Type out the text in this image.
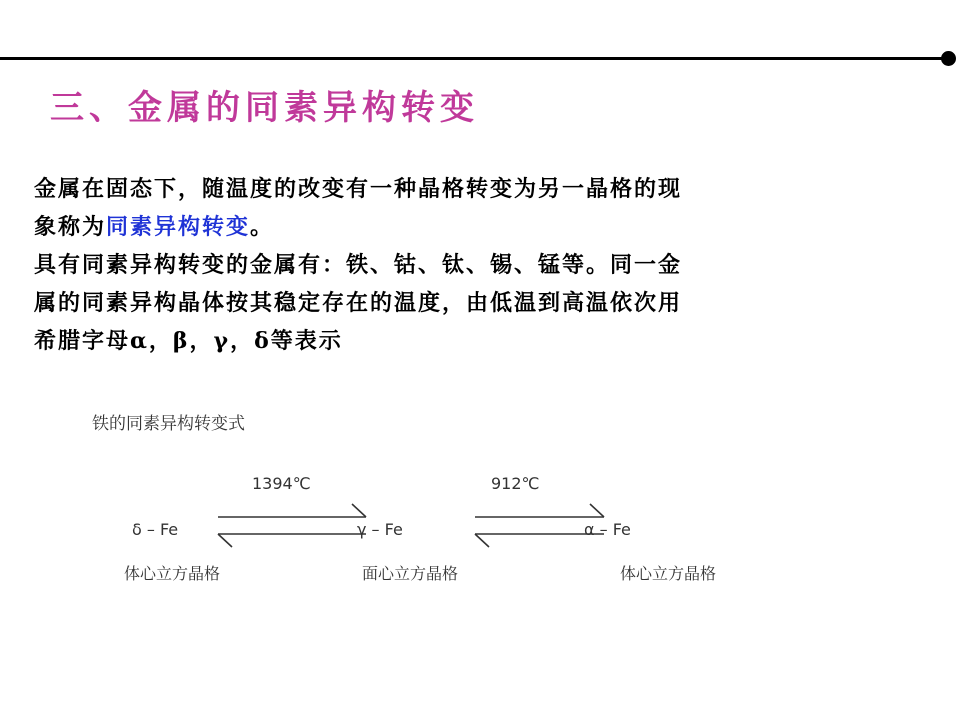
三、金属的同素异构转变
金属在固态下，随温度的改变有一种晶格转变为另一晶格的现
象称为同素异构转变。
具有同素异构转变的金属有：铁、钴、钛、锡、锰等。同一金
属的同素异构晶体按其稳定存在的温度，由低温到高温依次用
希腊字母α，β，γ，δ等表示
铁的同素异构转变式
1394℃	912℃
δ – Fe	γ – Fe	α – Fe
体心立方晶格	面心立方晶格	体心立方晶格
